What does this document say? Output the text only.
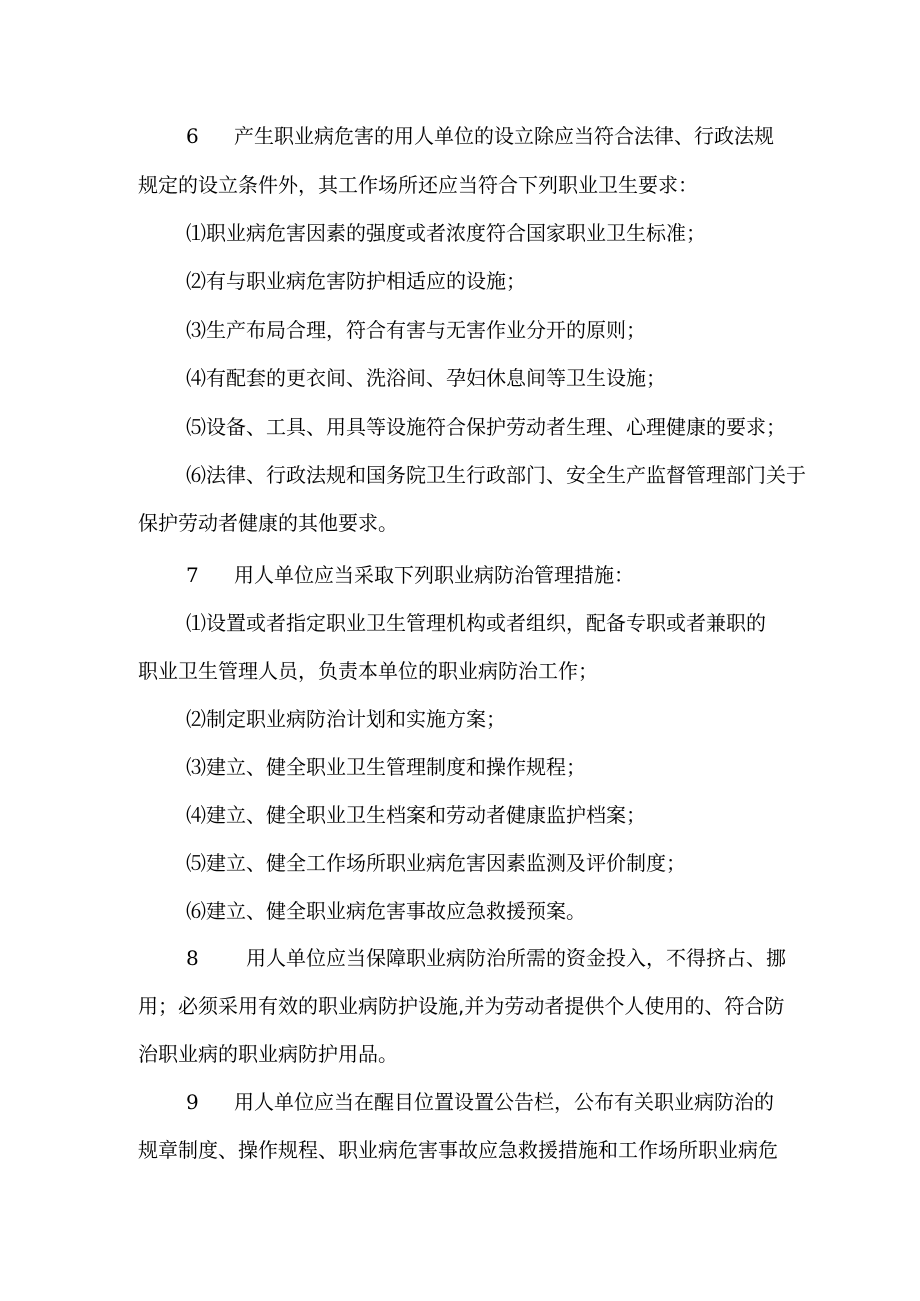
6 产生职业病危害的用人单位的设立除应当符合法律、行政法规
规定的设立条件外，其工作场所还应当符合下列职业卫生要求：
⑴职业病危害因素的强度或者浓度符合国家职业卫生标准；
⑵有与职业病危害防护相适应的设施；
⑶生产布局合理，符合有害与无害作业分开的原则；
⑷有配套的更衣间、洗浴间、孕妇休息间等卫生设施；
⑸设备、工具、用具等设施符合保护劳动者生理、心理健康的要求；
⑹法律、行政法规和国务院卫生行政部门、安全生产监督管理部门关于
保护劳动者健康的其他要求。
7 用人单位应当采取下列职业病防治管理措施：
⑴设置或者指定职业卫生管理机构或者组织，配备专职或者兼职的
职业卫生管理人员，负责本单位的职业病防治工作；
⑵制定职业病防治计划和实施方案；
⑶建立、健全职业卫生管理制度和操作规程；
⑷建立、健全职业卫生档案和劳动者健康监护档案；
⑸建立、健全工作场所职业病危害因素监测及评价制度；
⑹建立、健全职业病危害事故应急救援预案。
8 用人单位应当保障职业病防治所需的资金投入，不得挤占、挪
用；必须采用有效的职业病防护设施,并为劳动者提供个人使用的、符合防
治职业病的职业病防护用品。
9 用人单位应当在醒目位置设置公告栏，公布有关职业病防治的
规章制度、操作规程、职业病危害事故应急救援措施和工作场所职业病危
